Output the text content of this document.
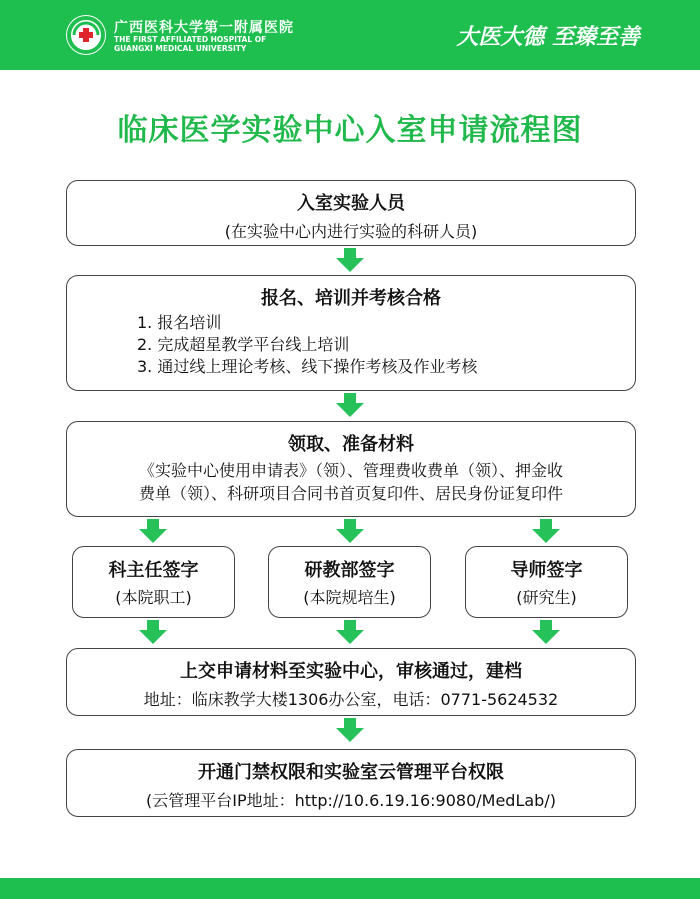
广西医科大学第一附属医院
THE FIRST AFFILIATED HOSPITAL OF
GUANGXI MEDICAL UNIVERSITY	大医大德 至臻至善
临床医学实验中心入室申请流程图
入室实验人员
(在实验中心内进行实验的科研人员)
报名、培训并考核合格
1. 报名培训
2. 完成超星教学平台线上培训
3. 通过线上理论考核、线下操作考核及作业考核
领取、准备材料
《实验中心使用申请表》（领）、管理费收费单（领）、押金收
费单（领）、科研项目合同书首页复印件、居民身份证复印件
科主任签字
(本院职工)
研教部签字
(本院规培生)
导师签字
(研究生)
上交申请材料至实验中心，审核通过，建档
地址：临床教学大楼1306办公室，电话：0771-5624532
开通门禁权限和实验室云管理平台权限
(云管理平台IP地址：http://10.6.19.16:9080/MedLab/)
